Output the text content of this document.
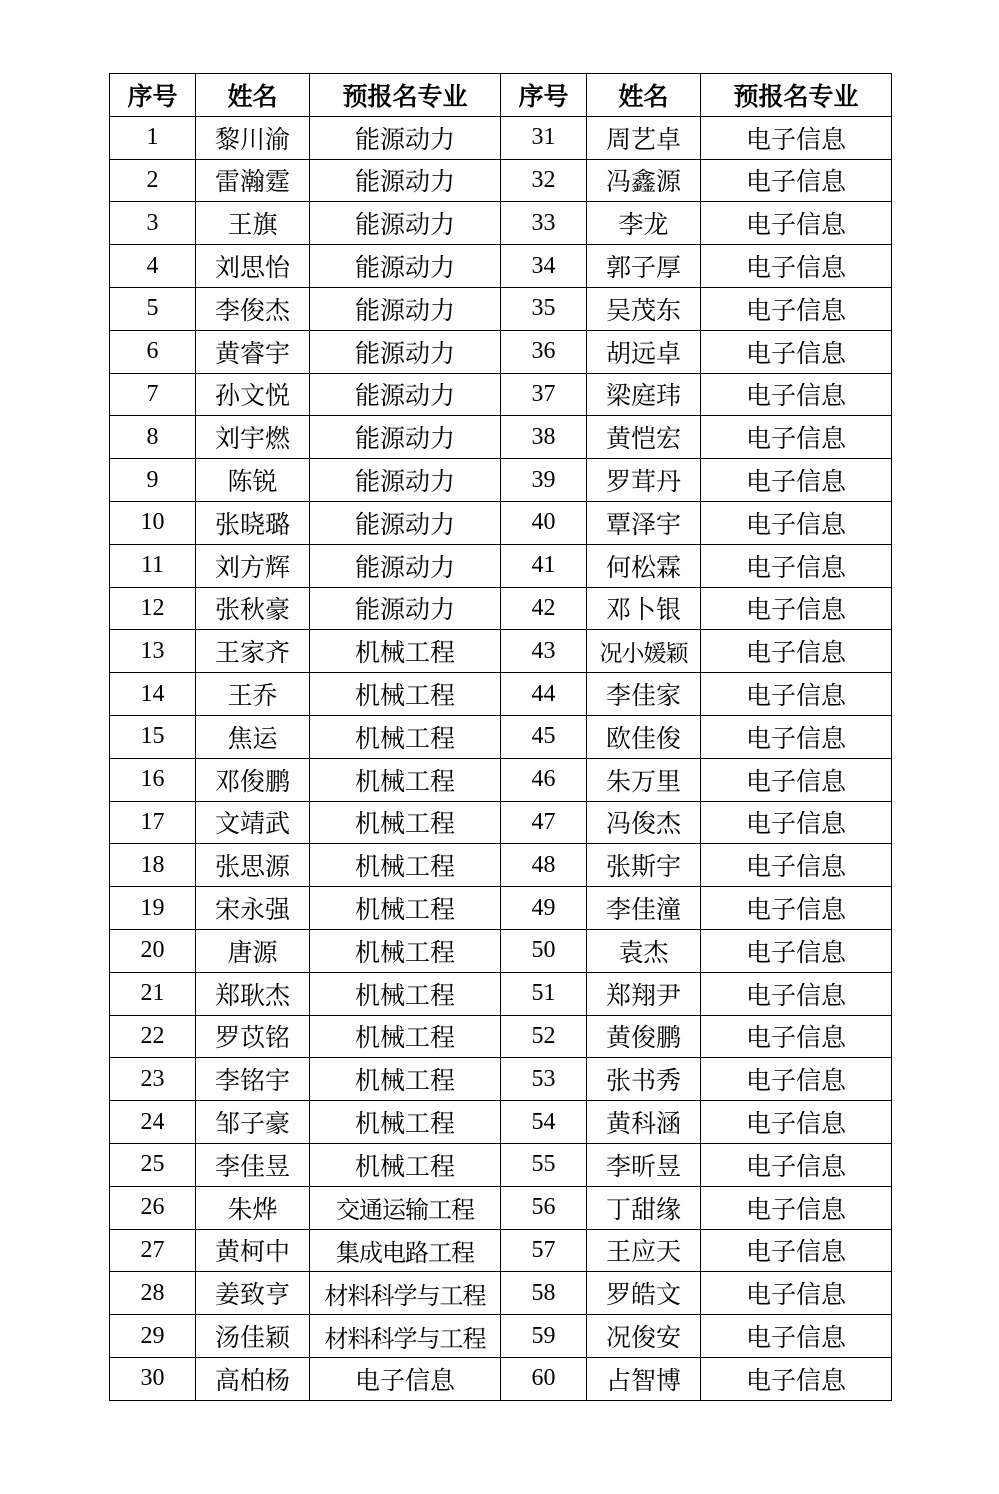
序号	姓名	预报名专业	序号	姓名	预报名专业
1	黎川渝	能源动力	31	周艺卓	电子信息
2	雷瀚霆	能源动力	32	冯鑫源	电子信息
3	王旗	能源动力	33	李龙	电子信息
4	刘思怡	能源动力	34	郭子厚	电子信息
5	李俊杰	能源动力	35	吴茂东	电子信息
6	黄睿宇	能源动力	36	胡远卓	电子信息
7	孙文悦	能源动力	37	梁庭玮	电子信息
8	刘宇燃	能源动力	38	黄恺宏	电子信息
9	陈锐	能源动力	39	罗茸丹	电子信息
10	张晓璐	能源动力	40	覃泽宇	电子信息
11	刘方辉	能源动力	41	何松霖	电子信息
12	张秋豪	能源动力	42	邓卜银	电子信息
13	王家齐	机械工程	43	况小媛颖	电子信息
14	王乔	机械工程	44	李佳家	电子信息
15	焦运	机械工程	45	欧佳俊	电子信息
16	邓俊鹏	机械工程	46	朱万里	电子信息
17	文靖武	机械工程	47	冯俊杰	电子信息
18	张思源	机械工程	48	张斯宇	电子信息
19	宋永强	机械工程	49	李佳潼	电子信息
20	唐源	机械工程	50	袁杰	电子信息
21	郑耿杰	机械工程	51	郑翔尹	电子信息
22	罗苡铭	机械工程	52	黄俊鹏	电子信息
23	李铭宇	机械工程	53	张书秀	电子信息
24	邹子豪	机械工程	54	黄科涵	电子信息
25	李佳昱	机械工程	55	李昕昱	电子信息
26	朱烨	交通运输工程	56	丁甜缘	电子信息
27	黄柯中	集成电路工程	57	王应天	电子信息
28	姜致亨	材料科学与工程	58	罗皓文	电子信息
29	汤佳颖	材料科学与工程	59	况俊安	电子信息
30	高柏杨	电子信息	60	占智博	电子信息
